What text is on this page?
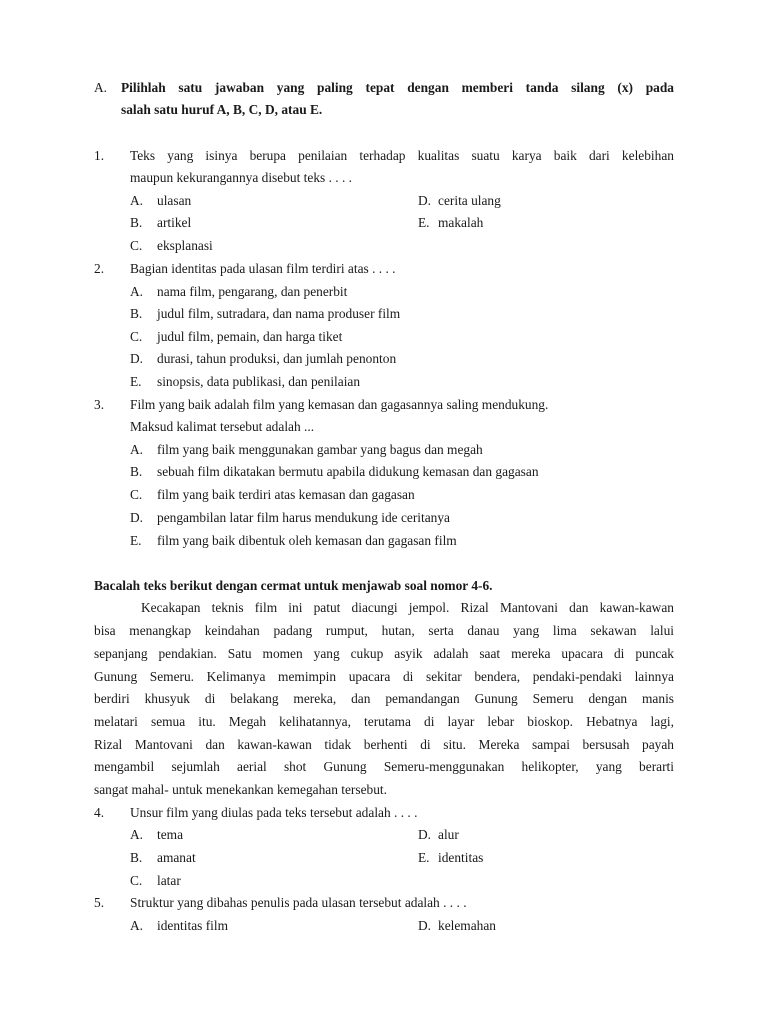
A. Pilihlah satu jawaban yang paling tepat dengan memberi tanda silang (x) pada
salah satu huruf A, B, C, D, atau E.
1. Teks yang isinya berupa penilaian terhadap kualitas suatu karya baik dari kelebihan
maupun kekurangannya disebut teks . . . .
A. ulasan
B. artikel
C. eksplanasi
D. cerita ulang
E. makalah
2. Bagian identitas pada ulasan film terdiri atas . . . .
A. nama film, pengarang, dan penerbit
B. judul film, sutradara, dan nama produser film
C. judul film, pemain, dan harga tiket
D. durasi, tahun produksi, dan jumlah penonton
E. sinopsis, data publikasi, dan penilaian
3. Film yang baik adalah film yang kemasan dan gagasannya saling mendukung.
Maksud kalimat tersebut adalah ...
A. film yang baik menggunakan gambar yang bagus dan megah
B. sebuah film dikatakan bermutu apabila didukung kemasan dan gagasan
C. film yang baik terdiri atas kemasan dan gagasan
D. pengambilan latar film harus mendukung ide ceritanya
E. film yang baik dibentuk oleh kemasan dan gagasan film
Bacalah teks berikut dengan cermat untuk menjawab soal nomor 4-6.
Kecakapan teknis film ini patut diacungi jempol. Rizal Mantovani dan kawan-kawan
bisa menangkap keindahan padang rumput, hutan, serta danau yang lima sekawan lalui
sepanjang pendakian. Satu momen yang cukup asyik adalah saat mereka upacara di puncak
Gunung Semeru. Kelimanya memimpin upacara di sekitar bendera, pendaki-pendaki lainnya
berdiri khusyuk di belakang mereka, dan pemandangan Gunung Semeru dengan manis
melatari semua itu. Megah kelihatannya, terutama di layar lebar bioskop. Hebatnya lagi,
Rizal Mantovani dan kawan-kawan tidak berhenti di situ. Mereka sampai bersusah payah
mengambil sejumlah aerial shot Gunung Semeru-menggunakan helikopter, yang berarti
sangat mahal- untuk menekankan kemegahan tersebut.
4. Unsur film yang diulas pada teks tersebut adalah . . . .
A. tema
B. amanat
C. latar
D. alur
E. identitas
5. Struktur yang dibahas penulis pada ulasan tersebut adalah . . . .
A. identitas film	D. kelemahan
